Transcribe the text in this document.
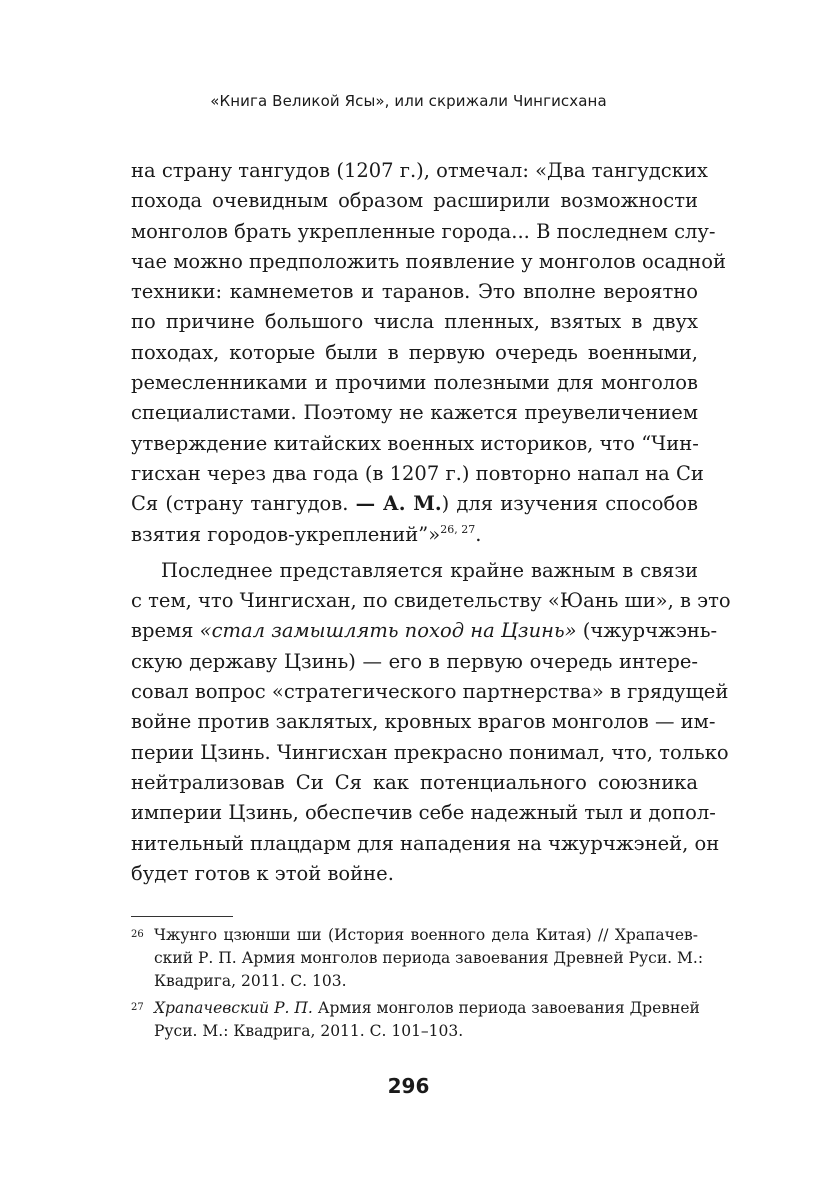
«Книга Великой Ясы», или скрижали Чингисхана
на страну тангудов (1207 г.), отмечал: «Два тангудских
похода очевидным образом расширили возможности
монголов брать укрепленные города... В последнем слу-
чае можно предположить появление у монголов осадной
техники: камнеметов и таранов. Это вполне вероятно
по причине большого числа пленных, взятых в двух
походах, которые были в первую очередь военными,
ремесленниками и прочими полезными для монголов
специалистами. Поэтому не кажется преувеличением
утверждение китайских военных историков, что “Чин-
гисхан через два года (в 1207 г.) повторно напал на Си
Ся (страну тангудов. — А. М.) для изучения способов
взятия городов-укреплений”»$^{26, 27}$.
Последнее представляется крайне важным в связи
с тем, что Чингисхан, по свидетельству «Юань ши», в это
время «стал замышлять поход на Цзинь» (чжурчжэнь-
скую державу Цзинь) — его в первую очередь интере-
совал вопрос «стратегического партнерства» в грядущей
войне против заклятых, кровных врагов монголов — им-
перии Цзинь. Чингисхан прекрасно понимал, что, только
нейтрализовав Си Ся как потенциального союзника
империи Цзинь, обеспечив себе надежный тыл и допол-
нительный плацдарм для нападения на чжурчжэней, он
будет готов к этой войне.
26 Чжунго цзюнши ши (История военного дела Китая) // Храпачев-
ский Р. П. Армия монголов периода завоевания Древней Руси. М.:
Квадрига, 2011. С. 103.
27 Храпачевский Р. П. Армия монголов периода завоевания Древней
Руси. М.: Квадрига, 2011. С. 101–103.
296
